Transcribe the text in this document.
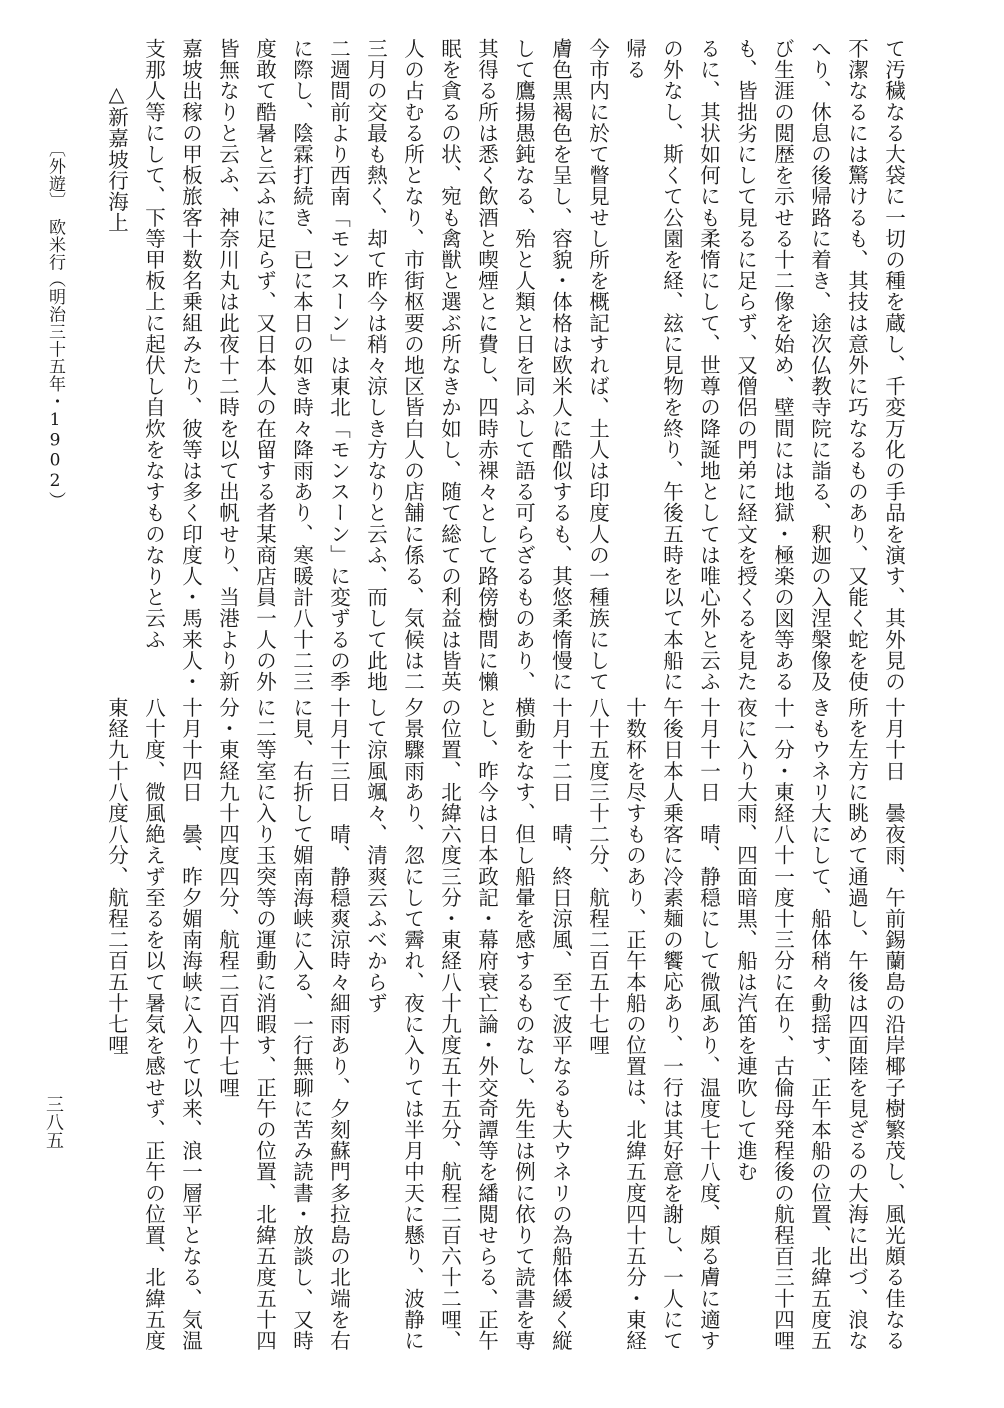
て汚穢なる大袋に一切の種を蔵し、千変万化の手品を演す、其外見の

不潔なるには驚けるも、其技は意外に巧なるものあり、又能く蛇を使

へり、休息の後帰路に着き、途次仏教寺院に詣る、釈迦の入涅槃像及

び生涯の閲歴を示せる十二像を始め、壁間には地獄・極楽の図等ある

も、皆拙劣にして見るに足らず、又僧侶の門弟に経文を授くるを見た

るに、其状如何にも柔惰にして、世尊の降誕地としては唯心外と云ふ

の外なし、斯くて公園を経、玆に見物を終り、午後五時を以て本船に

帰る

今市内に於て瞥見せし所を概記すれば、土人は印度人の一種族にして

膚色黒褐色を呈し、容貌・体格は欧米人に酷似するも、其悠柔惰慢に

して鷹揚愚鈍なる、殆と人類と日を同ふして語る可らざるものあり、

其得る所は悉く飲酒と喫煙とに費し、四時赤裸々として路傍樹間に懶

眠を貪るの状、宛も禽獣と選ぶ所なきか如し、随て総ての利益は皆英

人の占むる所となり、市街枢要の地区皆白人の店舗に係る、気候は二

三月の交最も熱く、却て昨今は稍々涼しき方なりと云ふ、而して此地

二週間前より西南「モンスーン」は東北「モンスーン」に変ずるの季

に際し、陰霖打続き、已に本日の如き時々降雨あり、寒暖計八十二三

度敢て酷暑と云ふに足らず、又日本人の在留する者某商店員一人の外

皆無なりと云ふ、神奈川丸は此夜十二時を以て出帆せり、当港より新

嘉坡出稼の甲板旅客十数名乗組みたり、彼等は多く印度人・馬来人・

支那人等にして、下等甲板上に起伏し自炊をなすものなりと云ふ

△新嘉坡行海上

〔外遊〕　欧米行（明治三十五年・1902）

十月十日　曇夜雨、午前錫蘭島の沿岸椰子樹繁茂し、風光頗る佳なる

所を左方に眺めて通過し、午後は四面陸を見ざるの大海に出づ、浪な

きもウネリ大にして、船体稍々動揺す、正午本船の位置、北緯五度五

十一分・東経八十一度十三分に在り、古倫母発程後の航程百三十四哩

夜に入り大雨、四面暗黒、船は汽笛を連吹して進む

十月十一日　晴、静穏にして微風あり、温度七十八度、頗る膚に適す

午後日本人乗客に冷素麺の饗応あり、一行は其好意を謝し、一人にて

十数杯を尽すものあり、正午本船の位置は、北緯五度四十五分・東経

八十五度三十二分、航程二百五十七哩

十月十二日　晴、終日涼風、至て波平なるも大ウネリの為船体緩く縦

横動をなす、但し船暈を感するものなし、先生は例に依りて読書を専

とし、昨今は日本政記・幕府衰亡論・外交奇譚等を繙閲せらる、正午

の位置、北緯六度三分・東経八十九度五十五分、航程二百六十二哩、

夕景驟雨あり、忽にして霽れ、夜に入りては半月中天に懸り、波静に

して涼風颯々、清爽云ふべからず

十月十三日　晴、静穏爽涼時々細雨あり、夕刻蘇門多拉島の北端を右

に見、右折して媚南海峡に入る、一行無聊に苦み読書・放談し、又時

に二等室に入り玉突等の運動に消暇す、正午の位置、北緯五度五十四

分・東経九十四度四分、航程二百四十七哩

十月十四日　曇、昨夕媚南海峡に入りて以来、浪一層平となる、気温

八十度、微風絶えず至るを以て暑気を感せず、正午の位置、北緯五度

東経九十八度八分、航程二百五十七哩

三八五
